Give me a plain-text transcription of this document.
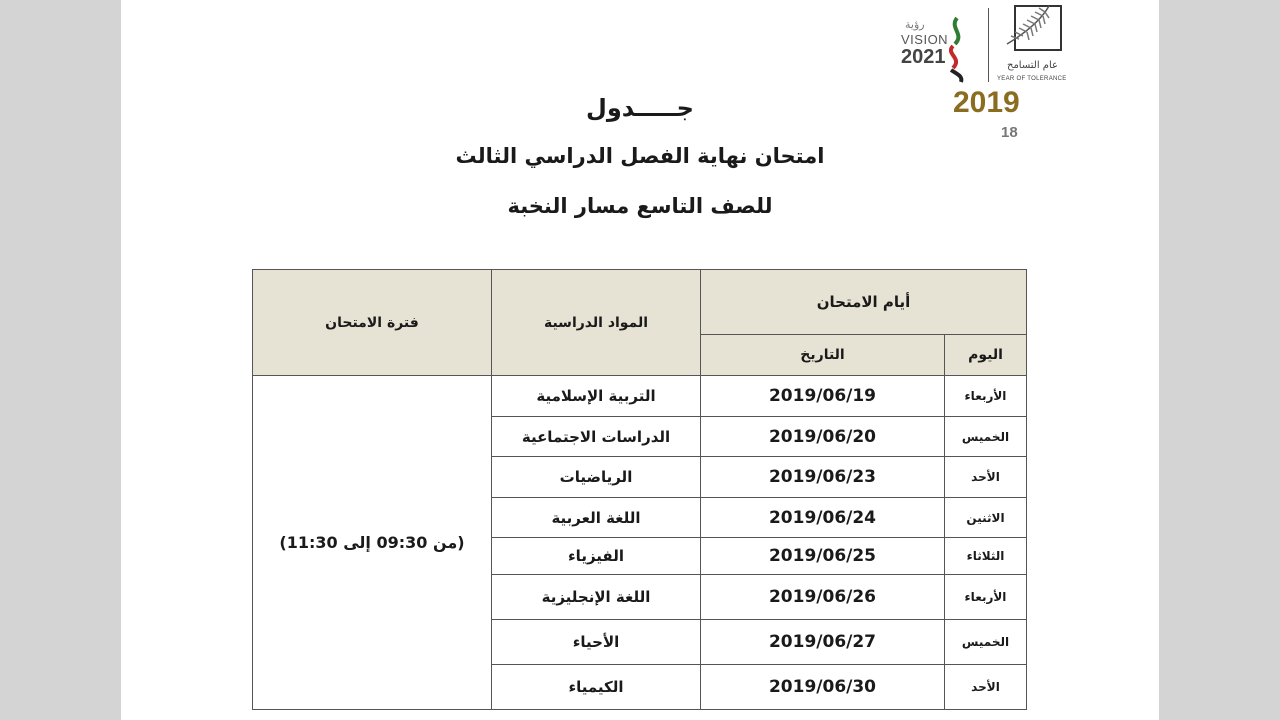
رؤية
VISION
2021	عام التسامح
YEAR OF TOLERANCE
2019
18
جـــــدول
امتحان نهاية الفصل الدراسي الثالث
للصف التاسع مسار النخبة
أيام الامتحان		المواد الدراسية	فترة الامتحان
اليوم	التاريخ		
الأربعاء	2019/06/19	التربية الإسلامية	(من 09:30 إلى 11:30)
الخميس	2019/06/20	الدراسات الاجتماعية	
الأحد	2019/06/23	الرياضيات	
الاثنين	2019/06/24	اللغة العربية	
الثلاثاء	2019/06/25	الفيزياء	
الأربعاء	2019/06/26	اللغة الإنجليزية	
الخميس	2019/06/27	الأحياء	
الأحد	2019/06/30	الكيمياء	
